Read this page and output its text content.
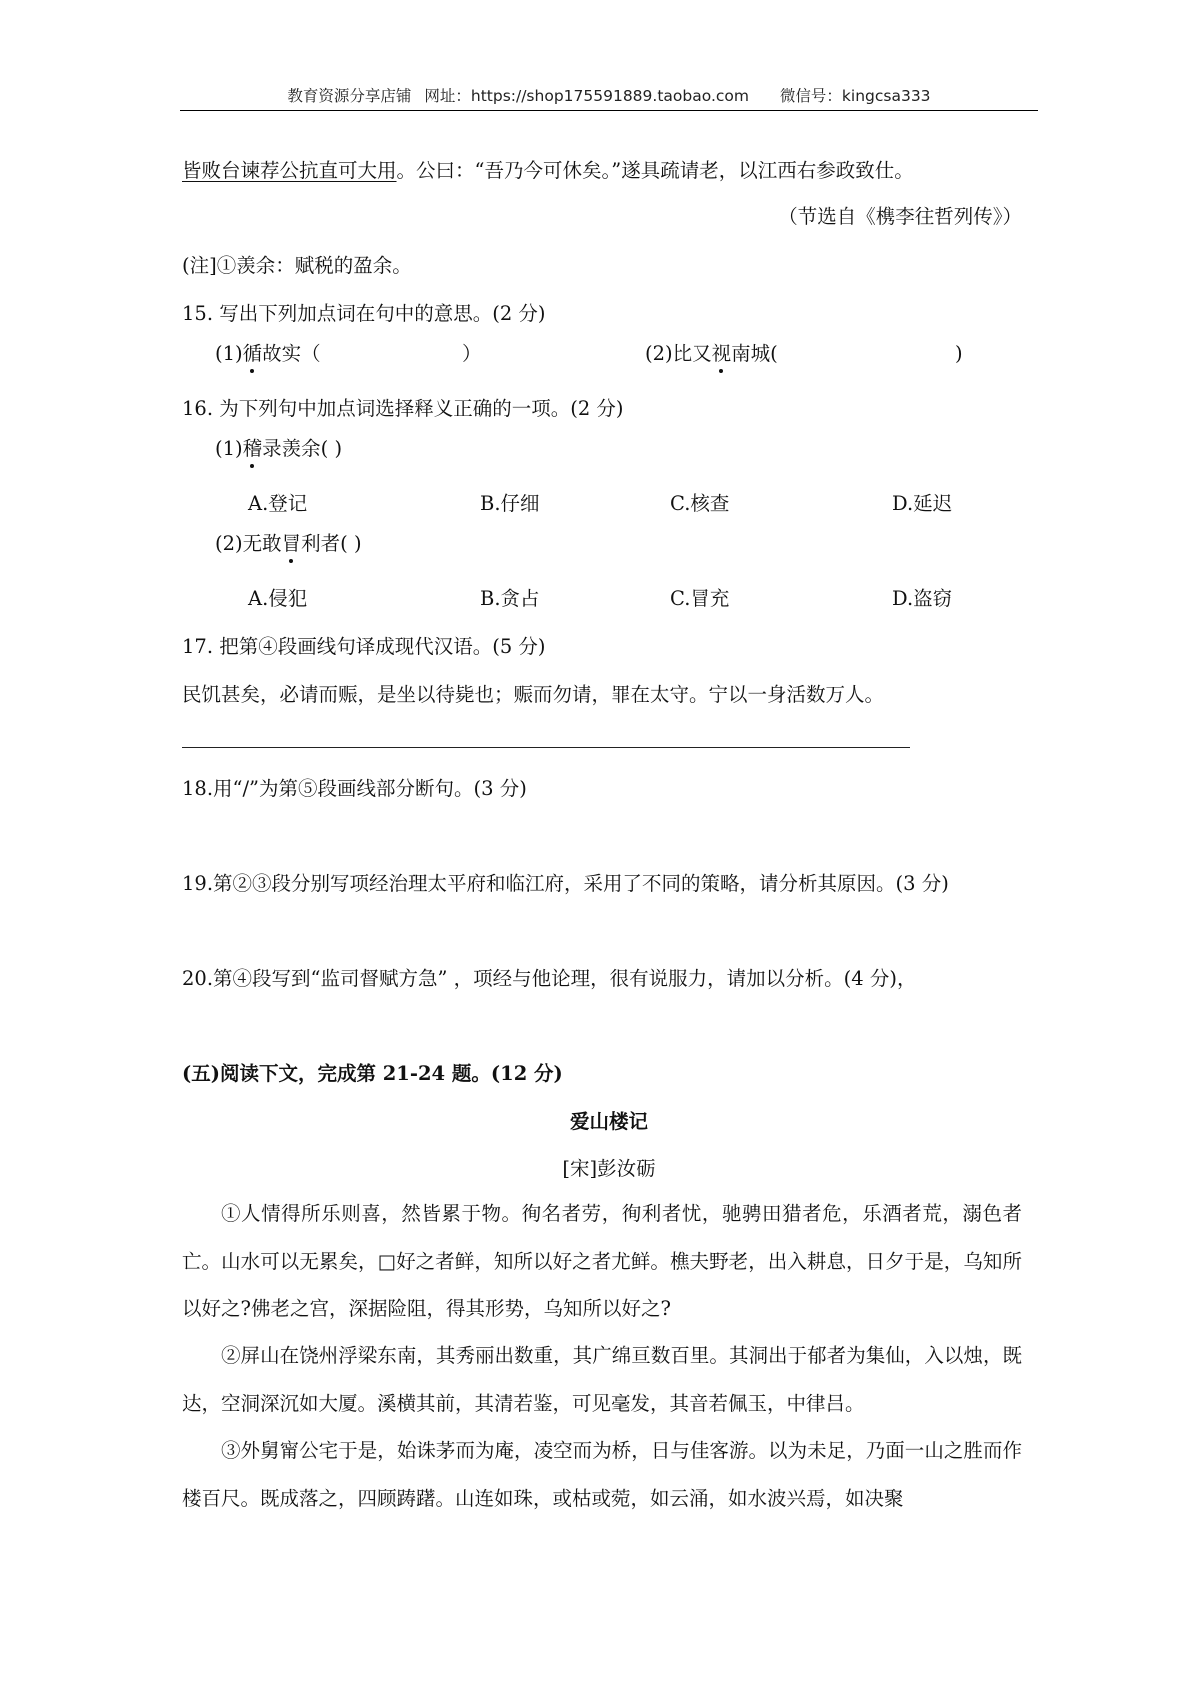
教育资源分享店铺 网址：https://shop175591889.taobao.com 微信号：kingcsa333
皆败台谏荐公抗直可大用。公曰：“吾乃今可休矣。”遂具疏请老，以江西右参政致仕。
（节选自《槜李往哲列传》）
(注]①羡余：赋税的盈余。
15. 写出下列加点词在句中的意思。(2 分)
(1)循故实（	）	(2)比又视南城(	)
16. 为下列句中加点词选择释义正确的一项。(2 分)
(1)稽录羡余( )
A.登记	B.仔细	C.核查	D.延迟
(2)无敢冒利者( )
A.侵犯	B.贪占	C.冒充	D.盗窃
17. 把第④段画线句译成现代汉语。(5 分)
民饥甚矣，必请而赈，是坐以待毙也；赈而勿请，罪在太守。宁以一身活数万人。
18.用“/”为第⑤段画线部分断句。(3 分)
19.第②③段分别写项经治理太平府和临江府，采用了不同的策略，请分析其原因。(3 分)
20.第④段写到“监司督赋方急” ，项经与他论理，很有说服力，请加以分析。(4 分)，
(五)阅读下文，完成第 21-24 题。(12 分)
爱山楼记
[宋]彭汝砺
①人情得所乐则喜，然皆累于物。徇名者劳，徇利者忧，驰骋田猎者危，乐酒者荒，溺色者亡。山水可以无累矣，□好之者鲜，知所以好之者尤鲜。樵夫野老，出入耕息，日夕于是，乌知所以好之?佛老之宫，深据险阻，得其形势，乌知所以好之?
②屏山在饶州浮梁东南，其秀丽出数重，其广绵亘数百里。其洞出于郁者为集仙，入以烛，既达，空洞深沉如大厦。溪横其前，其清若鉴，可见毫发，其音若佩玉，中律吕。
③外舅甯公宅于是，始诛茅而为庵，凌空而为桥，日与佳客游。以为未足，乃面一山之胜而作楼百尺。既成落之，四顾踌躇。山连如珠，或枯或菀，如云涌，如水波兴焉，如决聚
